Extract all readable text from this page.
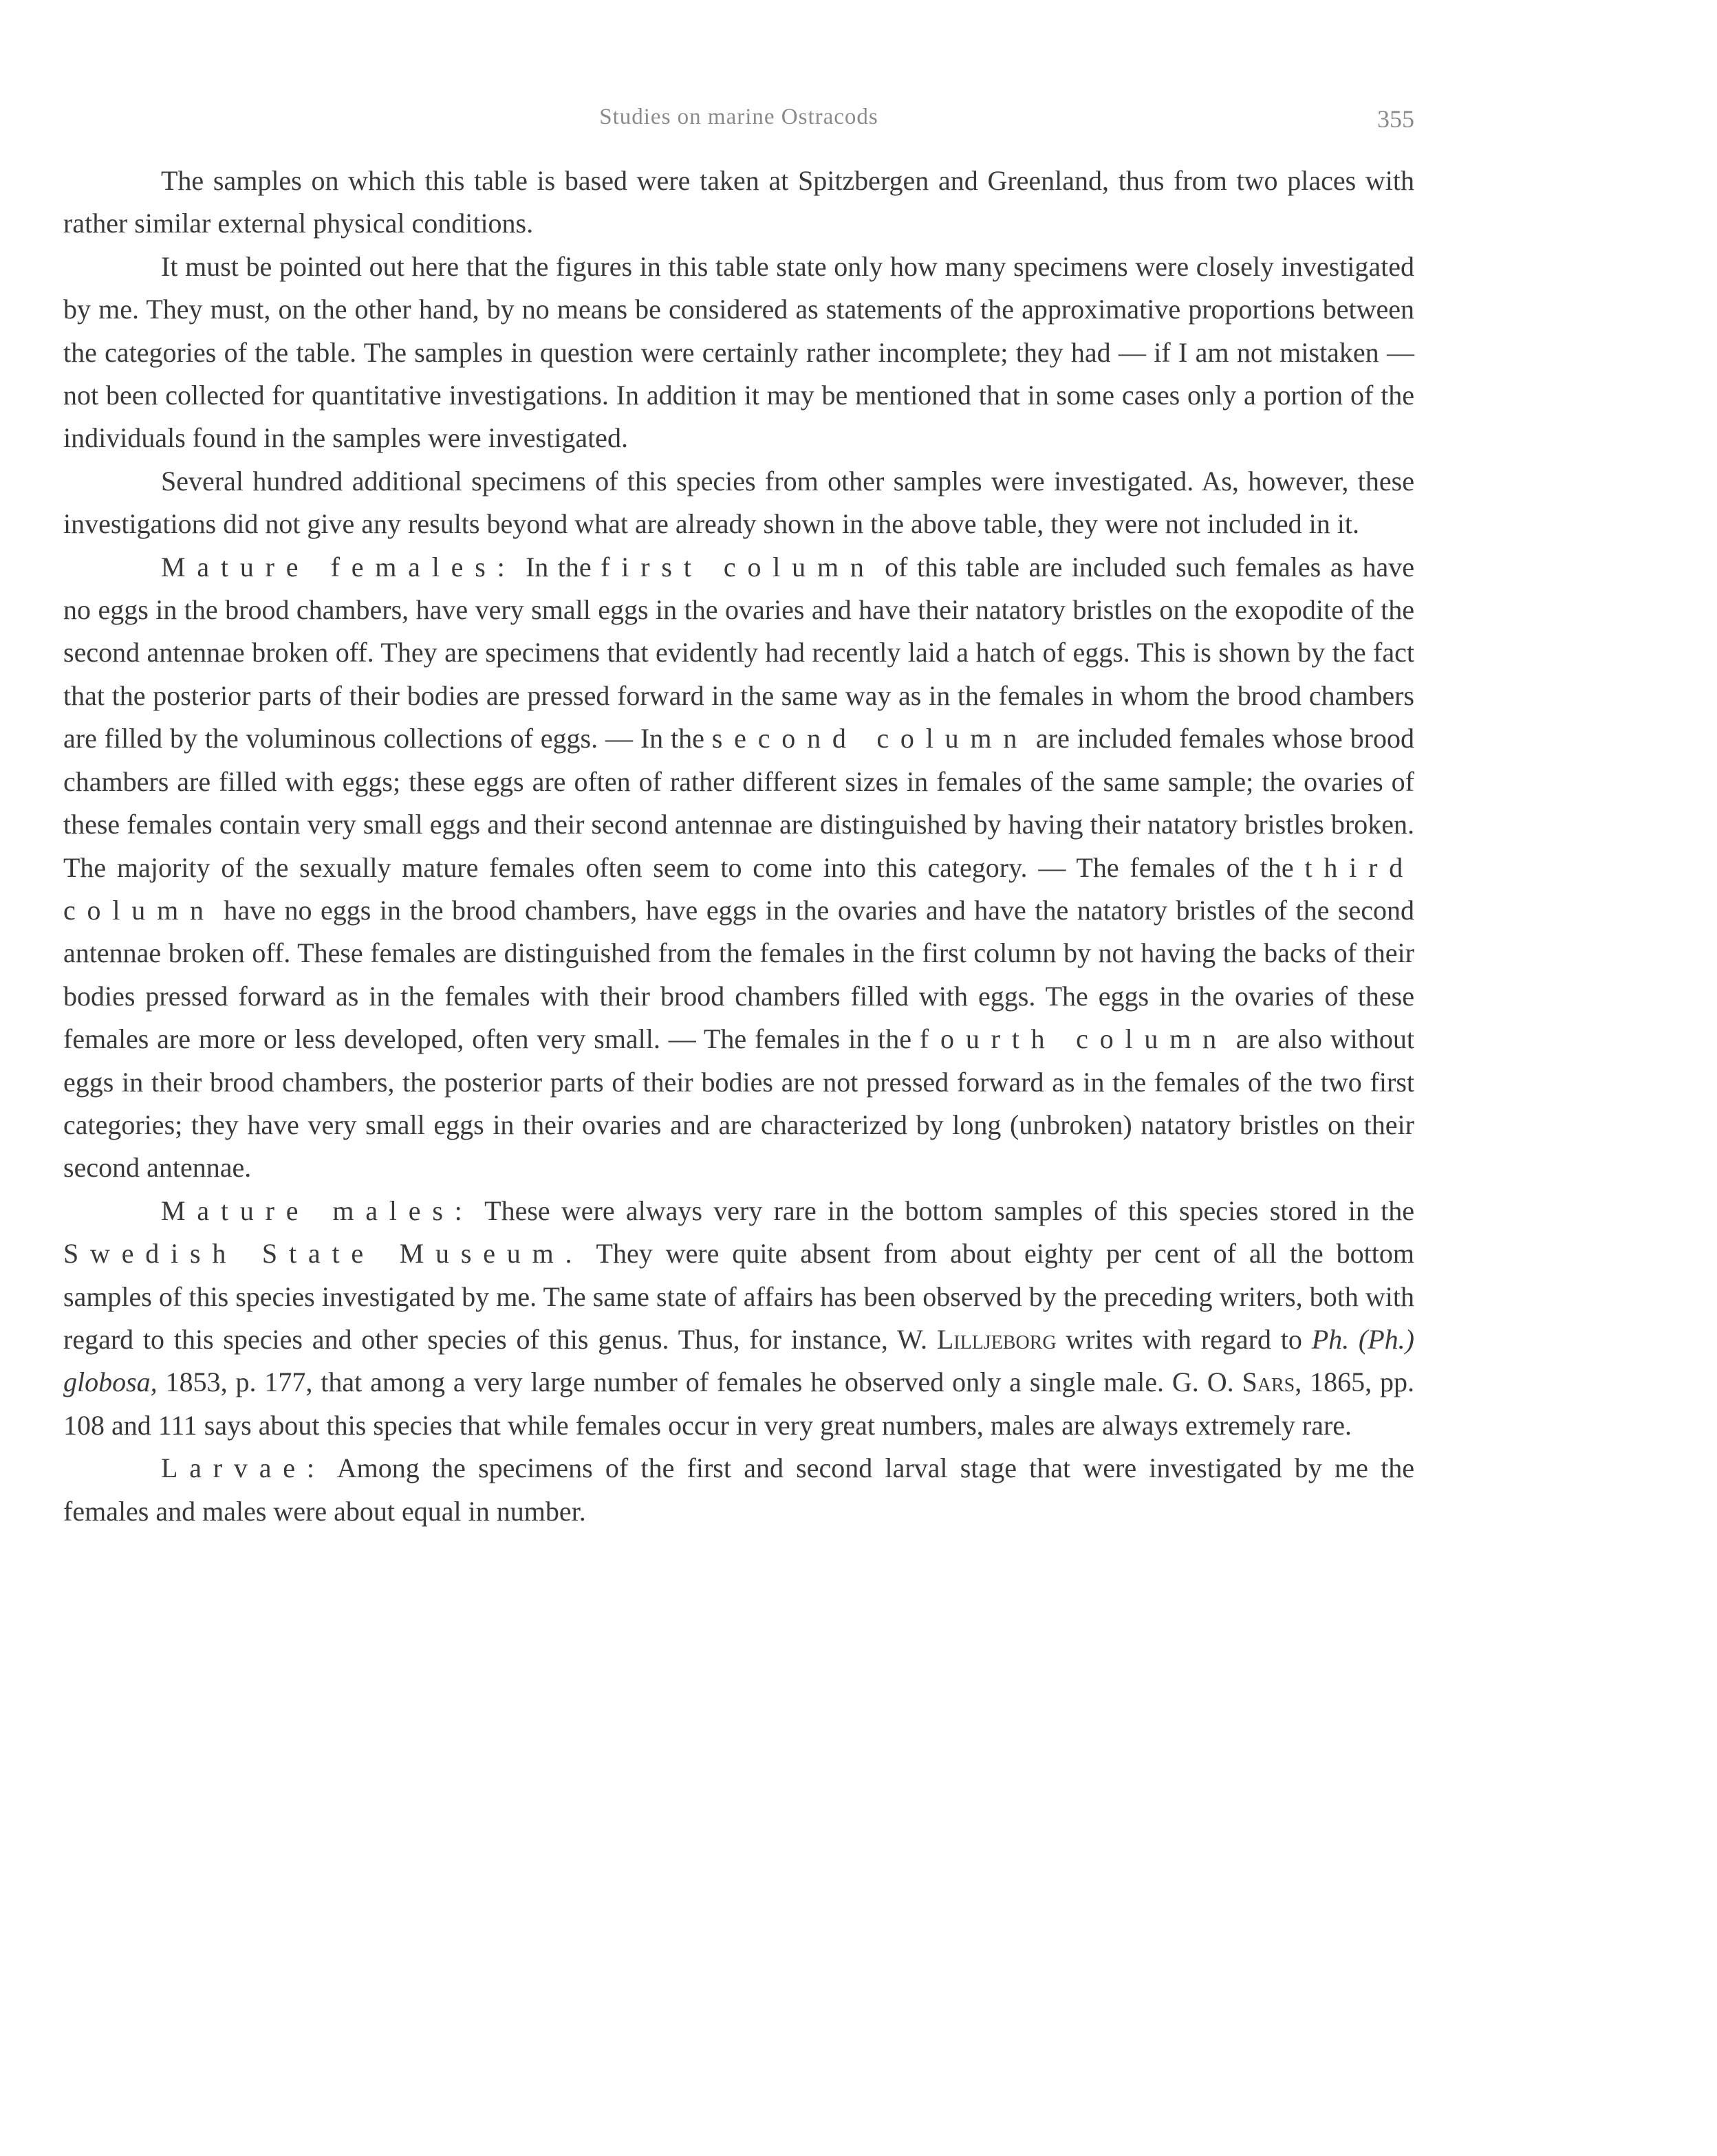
Studies on marine Ostracods	355

The samples on which this table is based were taken at Spitzbergen and Greenland, thus from two places with rather similar external physical conditions.

It must be pointed out here that the figures in this table state only how many specimens were closely investigated by me. They must, on the other hand, by no means be considered as statements of the approximative proportions between the categories of the table. The samples in question were certainly rather incomplete; they had — if I am not mistaken — not been collected for quantitative investigations. In addition it may be mentioned that in some cases only a portion of the individuals found in the samples were investigated.

Several hundred additional specimens of this species from other samples were investigated. As, however, these investigations did not give any results beyond what are already shown in the above table, they were not included in it.

Mature females: In the first column of this table are included such females as have no eggs in the brood chambers, have very small eggs in the ovaries and have their natatory bristles on the exopodite of the second antennae broken off. They are specimens that evidently had recently laid a hatch of eggs. This is shown by the fact that the posterior parts of their bodies are pressed forward in the same way as in the females in whom the brood chambers are filled by the voluminous collections of eggs. — In the second column are included females whose brood chambers are filled with eggs; these eggs are often of rather different sizes in females of the same sample; the ovaries of these females contain very small eggs and their second antennae are distinguished by having their natatory bristles broken. The majority of the sexually mature females often seem to come into this category. — The females of the third column have no eggs in the brood chambers, have eggs in the ovaries and have the natatory bristles of the second antennae broken off. These females are distinguished from the females in the first column by not having the backs of their bodies pressed forward as in the females with their brood chambers filled with eggs. The eggs in the ovaries of these females are more or less developed, often very small. — The females in the fourth column are also without eggs in their brood chambers, the posterior parts of their bodies are not pressed forward as in the females of the two first categories; they have very small eggs in their ovaries and are characterized by long (unbroken) natatory bristles on their second antennae.

Mature males: These were always very rare in the bottom samples of this species stored in the Swedish State Museum. They were quite absent from about eighty per cent of all the bottom samples of this species investigated by me. The same state of affairs has been observed by the preceding writers, both with regard to this species and other species of this genus. Thus, for instance, W. Lilljeborg writes with regard to Ph. (Ph.) globosa, 1853, p. 177, that among a very large number of females he observed only a single male. G. O. Sars, 1865, pp. 108 and 111 says about this species that while females occur in very great numbers, males are always extremely rare.

Larvae: Among the specimens of the first and second larval stage that were investigated by me the females and males were about equal in number.
